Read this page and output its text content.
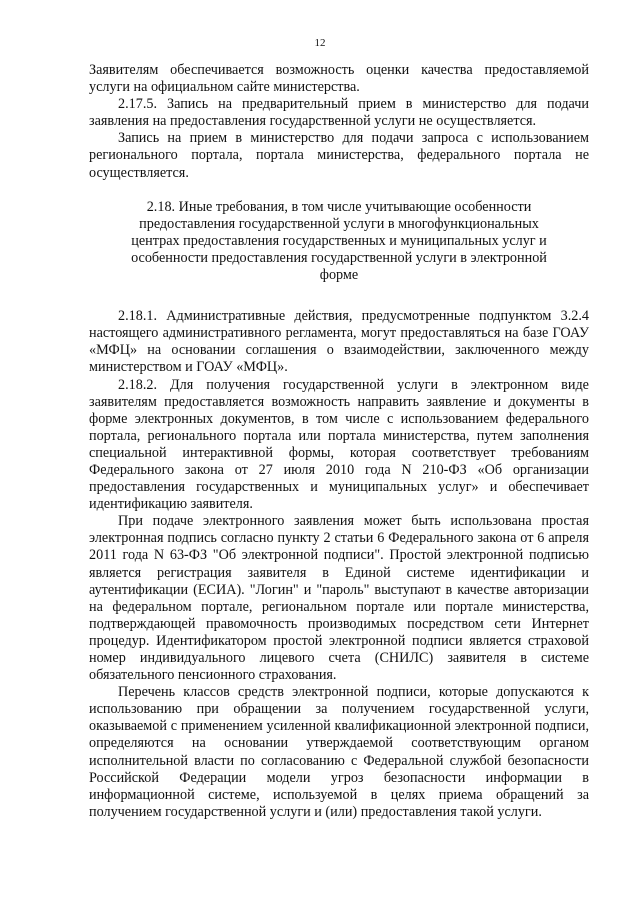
12

Заявителям обеспечивается возможность оценки качества предоставляемой услуги на официальном сайте министерства.

2.17.5. Запись на предварительный прием в министерство для подачи заявления на предоставления государственной услуги не осуществляется.

Запись на прием в министерство для подачи запроса с использованием регионального портала, портала министерства, федерального портала не осуществляется.

2.18. Иные требования, в том числе учитывающие особенности предоставления государственной услуги в многофункциональных центрах предоставления государственных и муниципальных услуг и особенности предоставления государственной услуги в электронной форме

2.18.1. Административные действия, предусмотренные подпунктом 3.2.4 настоящего административного регламента, могут предоставляться на базе ГОАУ «МФЦ» на основании соглашения о взаимодействии, заключенного между министерством и ГОАУ «МФЦ».

2.18.2. Для получения государственной услуги в электронном виде заявителям предоставляется возможность направить заявление и документы в форме электронных документов, в том числе с использованием федерального портала, регионального портала или портала министерства, путем заполнения специальной интерактивной формы, которая соответствует требованиям Федерального закона от 27 июля 2010 года N 210-ФЗ «Об организации предоставления государственных и муниципальных услуг» и обеспечивает идентификацию заявителя.

При подаче электронного заявления может быть использована простая электронная подпись согласно пункту 2 статьи 6 Федерального закона от 6 апреля 2011 года N 63-ФЗ "Об электронной подписи". Простой электронной подписью является регистрация заявителя в Единой системе идентификации и аутентификации (ЕСИА). "Логин" и "пароль" выступают в качестве авторизации на федеральном портале, региональном портале или портале министерства, подтверждающей правомочность производимых посредством сети Интернет процедур. Идентификатором простой электронной подписи является страховой номер индивидуального лицевого счета (СНИЛС) заявителя в системе обязательного пенсионного страхования.

Перечень классов средств электронной подписи, которые допускаются к использованию при обращении за получением государственной услуги, оказываемой с применением усиленной квалификационной электронной подписи, определяются на основании утверждаемой соответствующим органом исполнительной власти по согласованию с Федеральной службой безопасности Российской Федерации модели угроз безопасности информации в информационной системе, используемой в целях приема обращений за получением государственной услуги и (или) предоставления такой услуги.
